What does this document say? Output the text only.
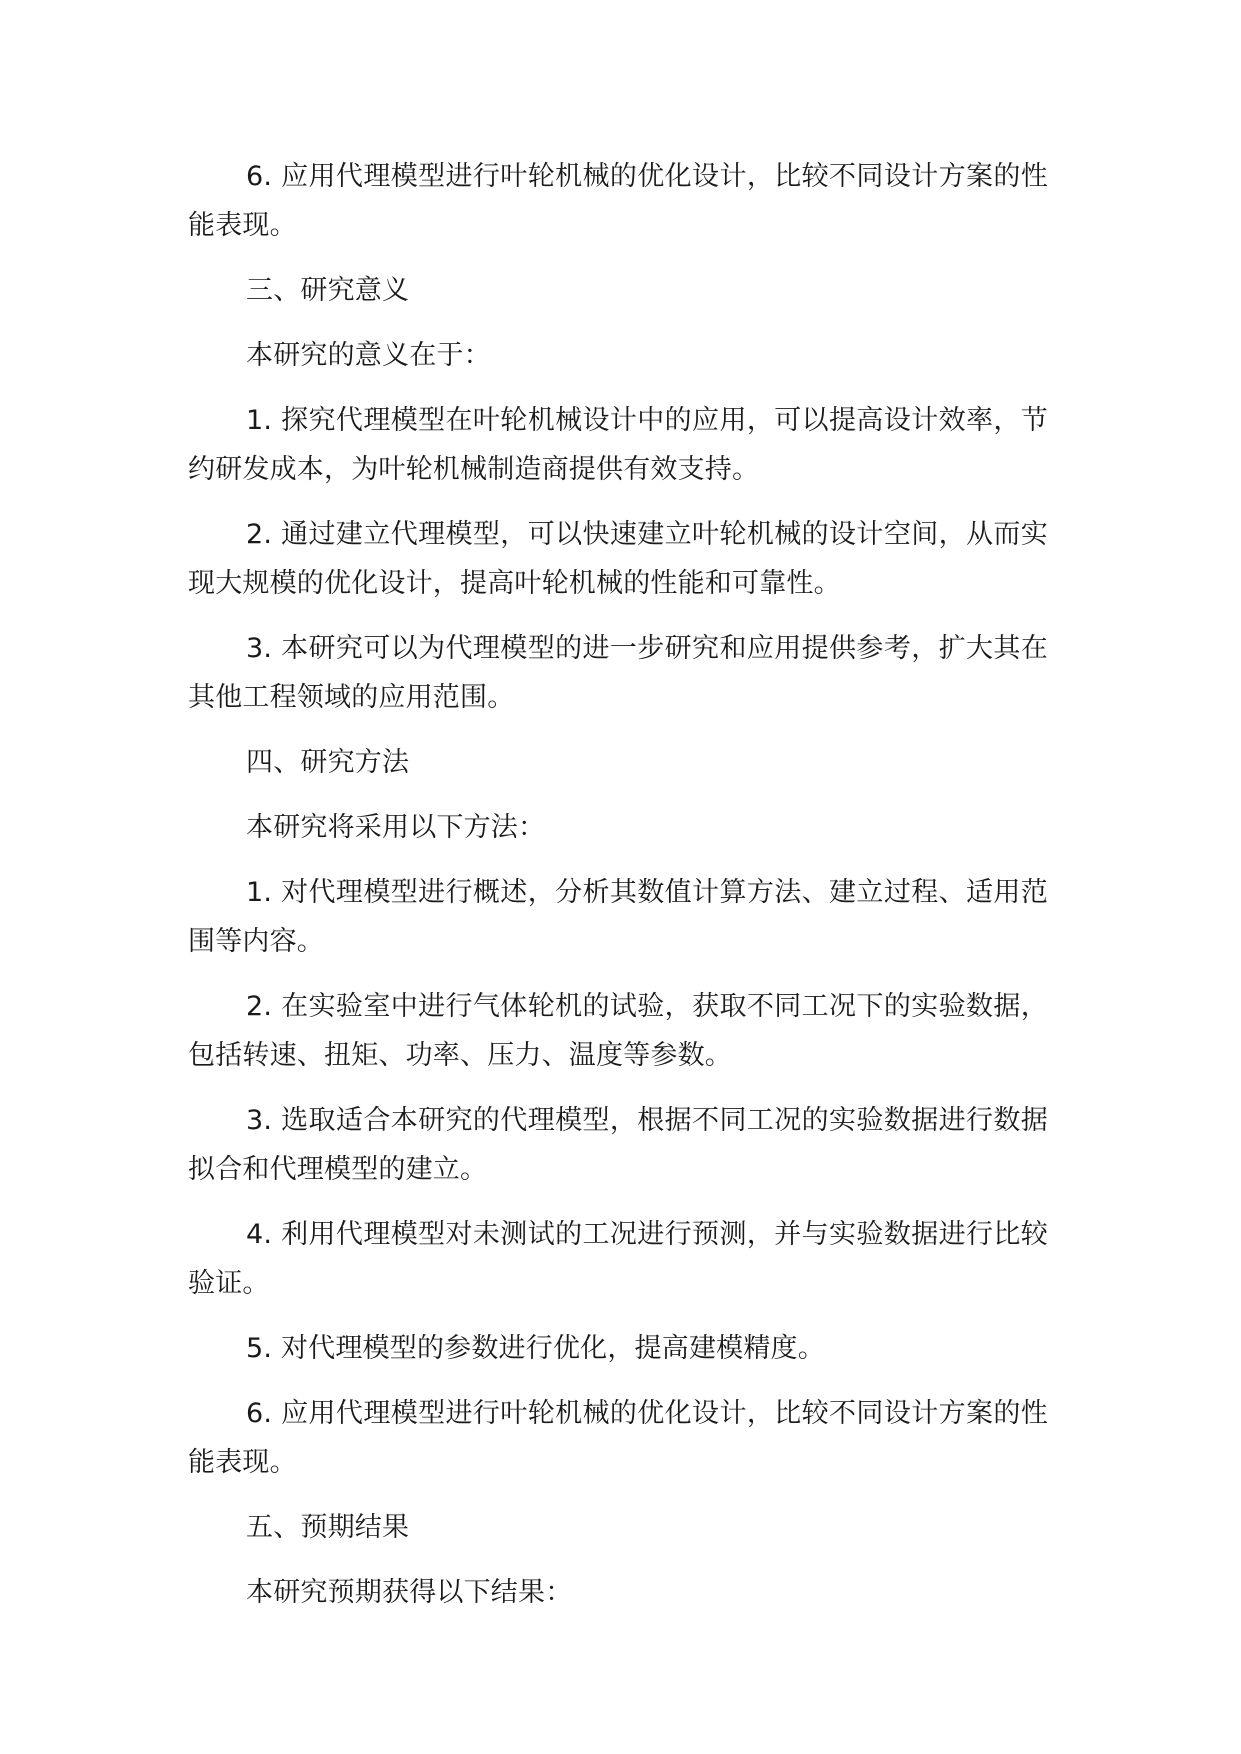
6. 应用代理模型进行叶轮机械的优化设计，比较不同设计方案的性能表现。

三、研究意义

本研究的意义在于：

1. 探究代理模型在叶轮机械设计中的应用，可以提高设计效率，节约研发成本，为叶轮机械制造商提供有效支持。

2. 通过建立代理模型，可以快速建立叶轮机械的设计空间，从而实现大规模的优化设计，提高叶轮机械的性能和可靠性。

3. 本研究可以为代理模型的进一步研究和应用提供参考，扩大其在其他工程领域的应用范围。

四、研究方法

本研究将采用以下方法：

1. 对代理模型进行概述，分析其数值计算方法、建立过程、适用范围等内容。

2. 在实验室中进行气体轮机的试验，获取不同工况下的实验数据，包括转速、扭矩、功率、压力、温度等参数。

3. 选取适合本研究的代理模型，根据不同工况的实验数据进行数据拟合和代理模型的建立。

4. 利用代理模型对未测试的工况进行预测，并与实验数据进行比较验证。

5. 对代理模型的参数进行优化，提高建模精度。

6. 应用代理模型进行叶轮机械的优化设计，比较不同设计方案的性能表现。

五、预期结果

本研究预期获得以下结果：
